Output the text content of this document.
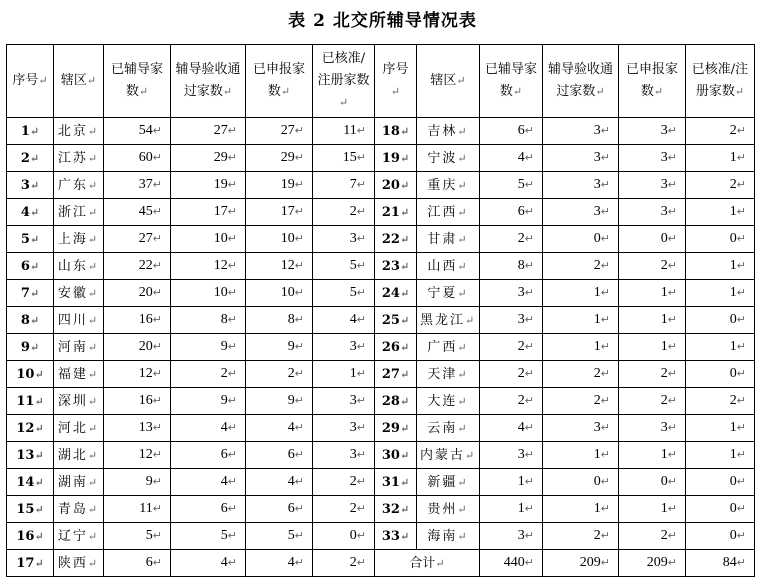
表 2 北交所辅导情况表
序号↵	辖区↵	已辅导家数↵	辅导验收通过家数↵	已申报家数↵	已核准/注册家数↵	序号↵	辖区↵	已辅导家数↵	辅导验收通过家数↵	已申报家数↵	已核准/注册家数↵
1↵	北京↵	54↵	27↵	27↵	11↵	18↵	吉林↵	6↵	3↵	3↵	2↵
2↵	江苏↵	60↵	29↵	29↵	15↵	19↵	宁波↵	4↵	3↵	3↵	1↵
3↵	广东↵	37↵	19↵	19↵	7↵	20↵	重庆↵	5↵	3↵	3↵	2↵
4↵	浙江↵	45↵	17↵	17↵	2↵	21↵	江西↵	6↵	3↵	3↵	1↵
5↵	上海↵	27↵	10↵	10↵	3↵	22↵	甘肃↵	2↵	0↵	0↵	0↵
6↵	山东↵	22↵	12↵	12↵	5↵	23↵	山西↵	8↵	2↵	2↵	1↵
7↵	安徽↵	20↵	10↵	10↵	5↵	24↵	宁夏↵	3↵	1↵	1↵	1↵
8↵	四川↵	16↵	8↵	8↵	4↵	25↵	黑龙江↵	3↵	1↵	1↵	0↵
9↵	河南↵	20↵	9↵	9↵	3↵	26↵	广西↵	2↵	1↵	1↵	1↵
10↵	福建↵	12↵	2↵	2↵	1↵	27↵	天津↵	2↵	2↵	2↵	0↵
11↵	深圳↵	16↵	9↵	9↵	3↵	28↵	大连↵	2↵	2↵	2↵	2↵
12↵	河北↵	13↵	4↵	4↵	3↵	29↵	云南↵	4↵	3↵	3↵	1↵
13↵	湖北↵	12↵	6↵	6↵	3↵	30↵	内蒙古↵	3↵	1↵	1↵	1↵
14↵	湖南↵	9↵	4↵	4↵	2↵	31↵	新疆↵	1↵	0↵	0↵	0↵
15↵	青岛↵	11↵	6↵	6↵	2↵	32↵	贵州↵	1↵	1↵	1↵	0↵
16↵	辽宁↵	5↵	5↵	5↵	0↵	33↵	海南↵	3↵	2↵	2↵	0↵
17↵	陕西↵	6↵	4↵	4↵	2↵	合计↵		440↵	209↵	209↵	84↵
